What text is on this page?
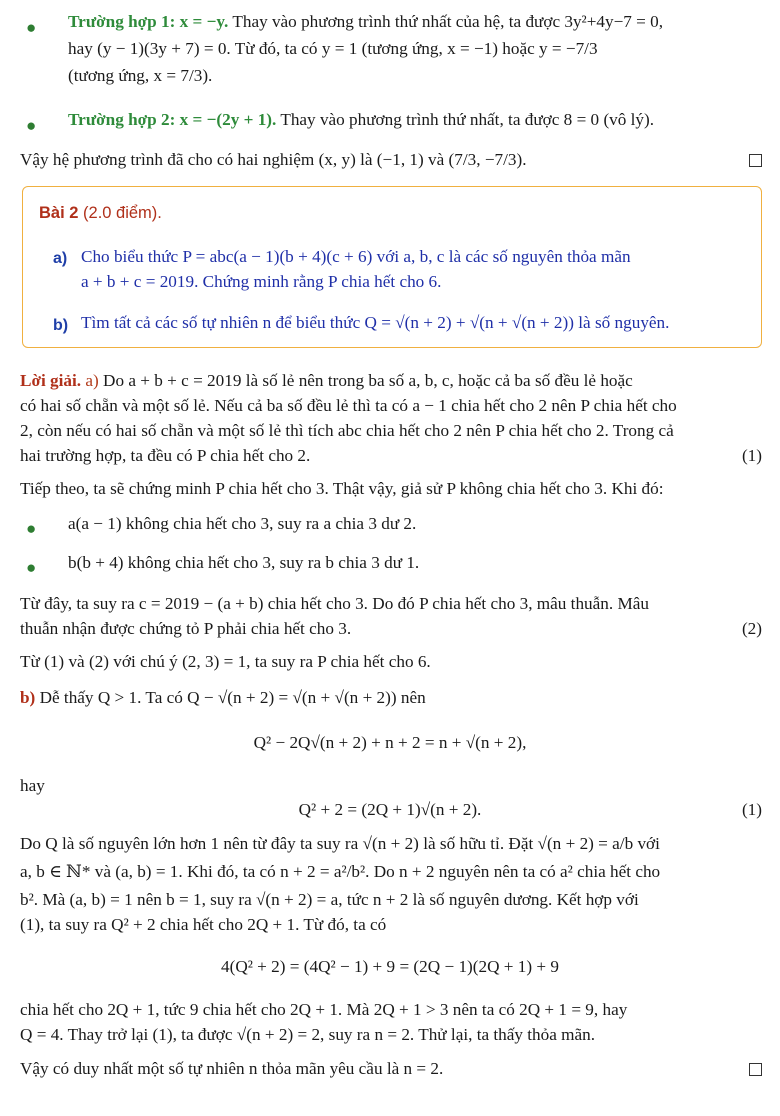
● Trường hợp 1: x = −y. Thay vào phương trình thứ nhất của hệ, ta được 3y²+4y−7 = 0,
hay (y − 1)(3y + 7) = 0. Từ đó, ta có y = 1 (tương ứng, x = −1) hoặc y = −7/3
(tương ứng, x = 7/3).
● Trường hợp 2: x = −(2y + 1). Thay vào phương trình thứ nhất, ta được 8 = 0 (vô lý).
Vậy hệ phương trình đã cho có hai nghiệm (x, y) là (−1, 1) và (7/3, −7/3).
Bài 2 (2.0 điểm).
a) Cho biểu thức P = abc(a − 1)(b + 4)(c + 6) với a, b, c là các số nguyên thỏa mãn
a + b + c = 2019. Chứng minh rằng P chia hết cho 6.
b) Tìm tất cả các số tự nhiên n để biểu thức Q = √(n + 2) + √(n + √(n + 2)) là số nguyên.
Lời giải. a) Do a + b + c = 2019 là số lẻ nên trong ba số a, b, c, hoặc cả ba số đều lẻ hoặc
có hai số chẵn và một số lẻ. Nếu cả ba số đều lẻ thì ta có a − 1 chia hết cho 2 nên P chia hết cho
2, còn nếu có hai số chẵn và một số lẻ thì tích abc chia hết cho 2 nên P chia hết cho 2. Trong cả
hai trường hợp, ta đều có P chia hết cho 2.	(1)
Tiếp theo, ta sẽ chứng minh P chia hết cho 3. Thật vậy, giả sử P không chia hết cho 3. Khi đó:
● a(a − 1) không chia hết cho 3, suy ra a chia 3 dư 2.
● b(b + 4) không chia hết cho 3, suy ra b chia 3 dư 1.
Từ đây, ta suy ra c = 2019 − (a + b) chia hết cho 3. Do đó P chia hết cho 3, mâu thuẫn. Mâu
thuẫn nhận được chứng tỏ P phải chia hết cho 3.	(2)
Từ (1) và (2) với chú ý (2, 3) = 1, ta suy ra P chia hết cho 6.
b) Dễ thấy Q > 1. Ta có Q − √(n + 2) = √(n + √(n + 2)) nên
Q² − 2Q√(n + 2) + n + 2 = n + √(n + 2),
hay
Q² + 2 = (2Q + 1)√(n + 2).	(1)
Do Q là số nguyên lớn hơn 1 nên từ đây ta suy ra √(n + 2) là số hữu tỉ. Đặt √(n + 2) = a/b với
a, b ∈ ℕ* và (a, b) = 1. Khi đó, ta có n + 2 = a²/b². Do n + 2 nguyên nên ta có a² chia hết cho
b². Mà (a, b) = 1 nên b = 1, suy ra √(n + 2) = a, tức n + 2 là số nguyên dương. Kết hợp với
(1), ta suy ra Q² + 2 chia hết cho 2Q + 1. Từ đó, ta có
4(Q² + 2) = (4Q² − 1) + 9 = (2Q − 1)(2Q + 1) + 9
chia hết cho 2Q + 1, tức 9 chia hết cho 2Q + 1. Mà 2Q + 1 > 3 nên ta có 2Q + 1 = 9, hay
Q = 4. Thay trở lại (1), ta được √(n + 2) = 2, suy ra n = 2. Thử lại, ta thấy thỏa mãn.
Vậy có duy nhất một số tự nhiên n thỏa mãn yêu cầu là n = 2.
